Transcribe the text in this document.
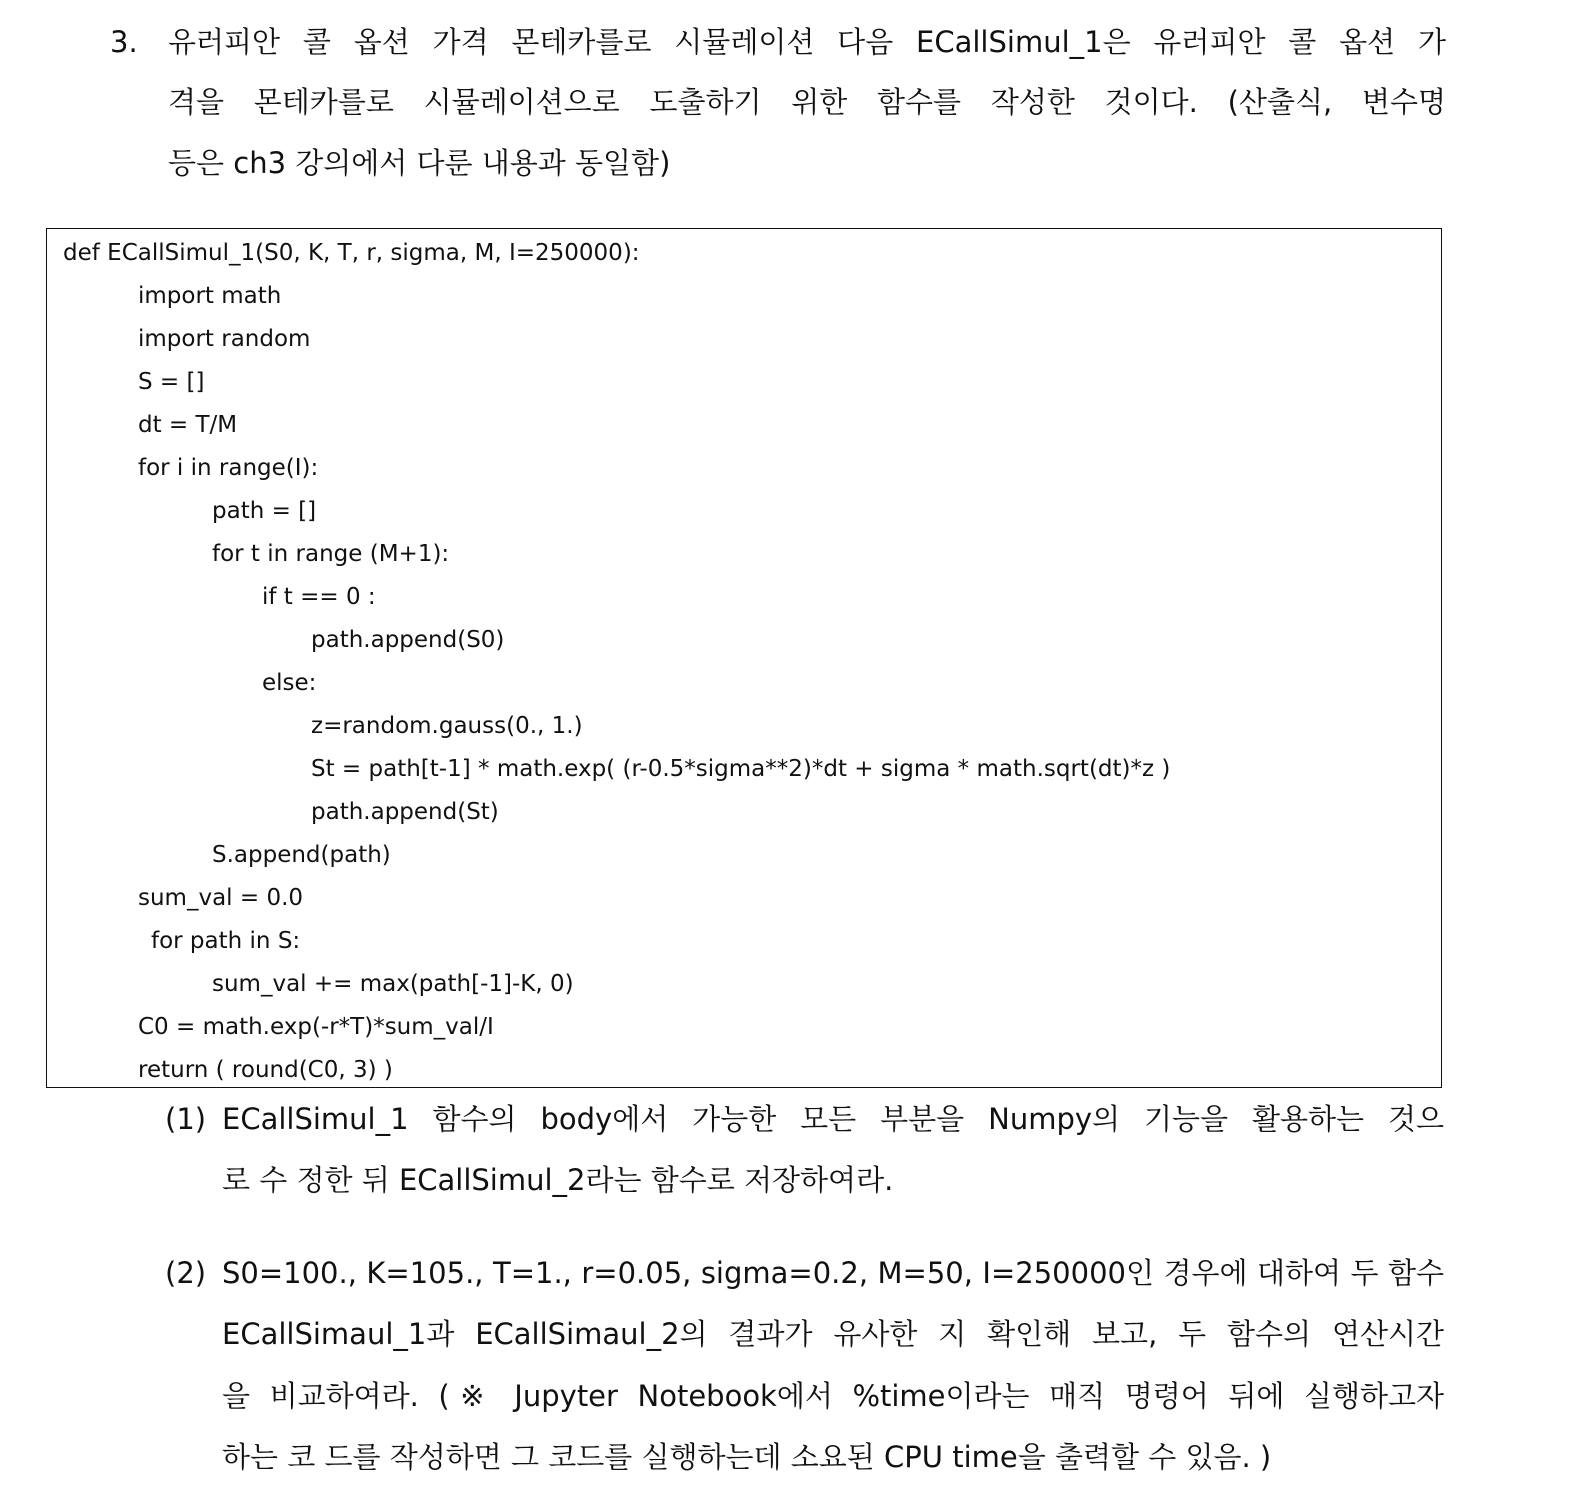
3. 유러피안 콜 옵션 가격 몬테카를로 시뮬레이션 다음 ECallSimul_1은 유러피안 콜 옵션 가
격을 몬테카를로 시뮬레이션으로 도출하기 위한 함수를 작성한 것이다. (산출식, 변수명
등은 ch3 강의에서 다룬 내용과 동일함)
def ECallSimul_1(S0, K, T, r, sigma, M, I=250000):
import math
import random
S = []
dt = T/M
for i in range(I):
path = []
for t in range (M+1):
if t == 0 :
path.append(S0)
else:
z=random.gauss(0., 1.)
St = path[t-1] * math.exp( (r-0.5*sigma**2)*dt + sigma * math.sqrt(dt)*z )
path.append(St)
S.append(path)
sum_val = 0.0
for path in S:
sum_val += max(path[-1]-K, 0)
C0 = math.exp(-r*T)*sum_val/I
return ( round(C0, 3) )
(1) ECallSimul_1 함수의 body에서 가능한 모든 부분을 Numpy의 기능을 활용하는 것으
로 수 정한 뒤 ECallSimul_2라는 함수로 저장하여라.
(2) S0=100., K=105., T=1., r=0.05, sigma=0.2, M=50, I=250000인 경우에 대하여 두 함수
ECallSimaul_1과 ECallSimaul_2의 결과가 유사한 지 확인해 보고, 두 함수의 연산시간
을 비교하여라. (※ Jupyter Notebook에서 %time이라는 매직 명령어 뒤에 실행하고자
하는 코 드를 작성하면 그 코드를 실행하는데 소요된 CPU time을 출력할 수 있음. )
